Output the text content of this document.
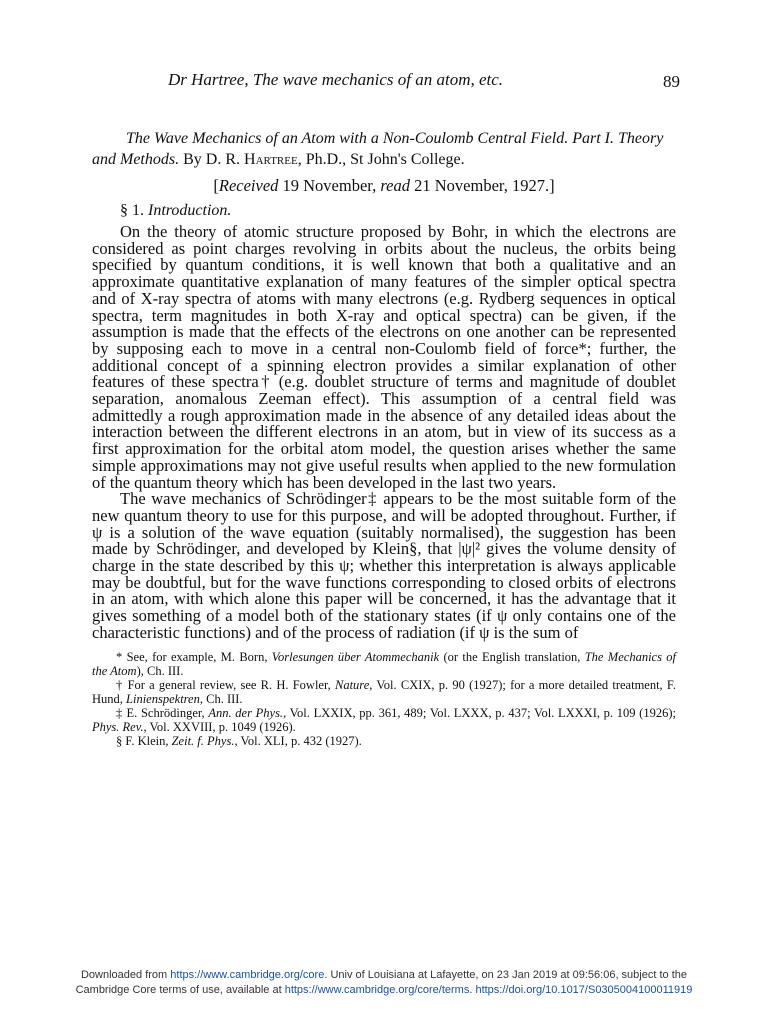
Dr Hartree, The wave mechanics of an atom, etc.	89

The Wave Mechanics of an Atom with a Non-Coulomb Central Field. Part I. Theory and Methods. By D. R. Hartree, Ph.D., St John's College.

[Received 19 November, read 21 November, 1927.]

§ 1. Introduction.

On the theory of atomic structure proposed by Bohr, in which the electrons are considered as point charges revolving in orbits about the nucleus, the orbits being specified by quantum conditions, it is well known that both a qualitative and an approximate quantitative explanation of many features of the simpler optical spectra and of X-ray spectra of atoms with many electrons (e.g. Rydberg sequences in optical spectra, term magnitudes in both X-ray and optical spectra) can be given, if the assumption is made that the effects of the electrons on one another can be represented by supposing each to move in a central non-Coulomb field of force*; further, the additional concept of a spinning electron provides a similar explanation of other features of these spectra† (e.g. doublet structure of terms and magnitude of doublet separation, anomalous Zeeman effect). This assumption of a central field was admittedly a rough approximation made in the absence of any detailed ideas about the interaction between the different electrons in an atom, but in view of its success as a first approximation for the orbital atom model, the question arises whether the same simple approximations may not give useful results when applied to the new formulation of the quantum theory which has been developed in the last two years.

The wave mechanics of Schrödinger‡ appears to be the most suitable form of the new quantum theory to use for this purpose, and will be adopted throughout. Further, if ψ is a solution of the wave equation (suitably normalised), the suggestion has been made by Schrödinger, and developed by Klein§, that |ψ|² gives the volume density of charge in the state described by this ψ; whether this interpretation is always applicable may be doubtful, but for the wave functions corresponding to closed orbits of electrons in an atom, with which alone this paper will be concerned, it has the advantage that it gives something of a model both of the stationary states (if ψ only contains one of the characteristic functions) and of the process of radiation (if ψ is the sum of

* See, for example, M. Born, Vorlesungen über Atommechanik (or the English translation, The Mechanics of the Atom), Ch. III.

† For a general review, see R. H. Fowler, Nature, Vol. CXIX, p. 90 (1927); for a more detailed treatment, F. Hund, Linienspektren, Ch. III.

‡ E. Schrödinger, Ann. der Phys., Vol. LXXIX, pp. 361, 489; Vol. LXXX, p. 437; Vol. LXXXI, p. 109 (1926); Phys. Rev., Vol. XXVIII, p. 1049 (1926).

§ F. Klein, Zeit. f. Phys., Vol. XLI, p. 432 (1927).

Downloaded from https://www.cambridge.org/core. Univ of Louisiana at Lafayette, on 23 Jan 2019 at 09:56:06, subject to the
Cambridge Core terms of use, available at https://www.cambridge.org/core/terms. https://doi.org/10.1017/S0305004100011919
